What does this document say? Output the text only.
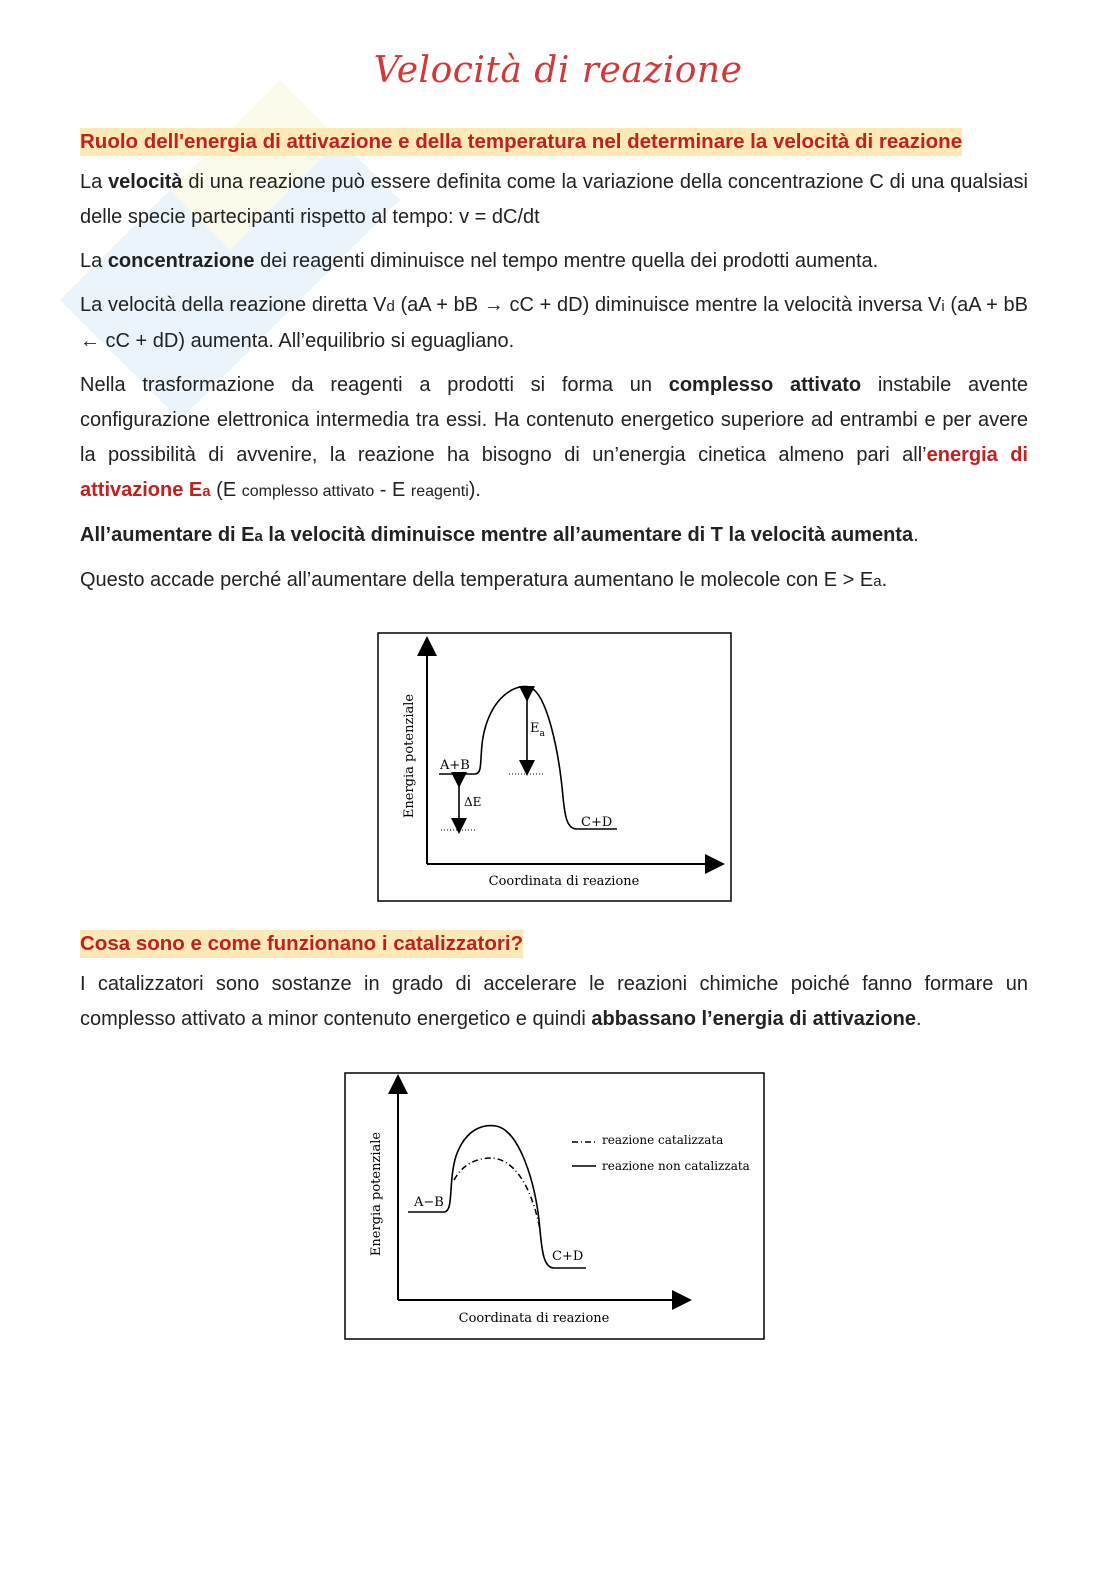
Velocità di reazione
Ruolo dell'energia di attivazione e della temperatura nel determinare la velocità di reazione

La velocità di una reazione può essere definita come la variazione della concentrazione C di una qualsiasi delle specie partecipanti rispetto al tempo: v = dC/dt

La concentrazione dei reagenti diminuisce nel tempo mentre quella dei prodotti aumenta.

La velocità della reazione diretta Vd (aA + bB → cC + dD) diminuisce mentre la velocità inversa Vi (aA + bB ← cC + dD) aumenta. All’equilibrio si eguagliano.

Nella trasformazione da reagenti a prodotti si forma un complesso attivato instabile avente configurazione elettronica intermedia tra essi. Ha contenuto energetico superiore ad entrambi e per avere la possibilità di avvenire, la reazione ha bisogno di un’energia cinetica almeno pari all’energia di attivazione Ea (E complesso attivato - E reagenti).

All’aumentare di Ea la velocità diminuisce mentre all’aumentare di T la velocità aumenta.

Questo accade perché all’aumentare della temperatura aumentano le molecole con E > Ea.

Energia potenziale
Coordinata di reazione
A+B
C+D
$E_a$
ΔE
Cosa sono e come funzionano i catalizzatori?

I catalizzatori sono sostanze in grado di accelerare le reazioni chimiche poiché fanno formare un complesso attivato a minor contenuto energetico e quindi abbassano l’energia di attivazione.

reazione catalizzata
reazione non catalizzata
Energia potenziale
Coordinata di reazione
A−B
C+D
